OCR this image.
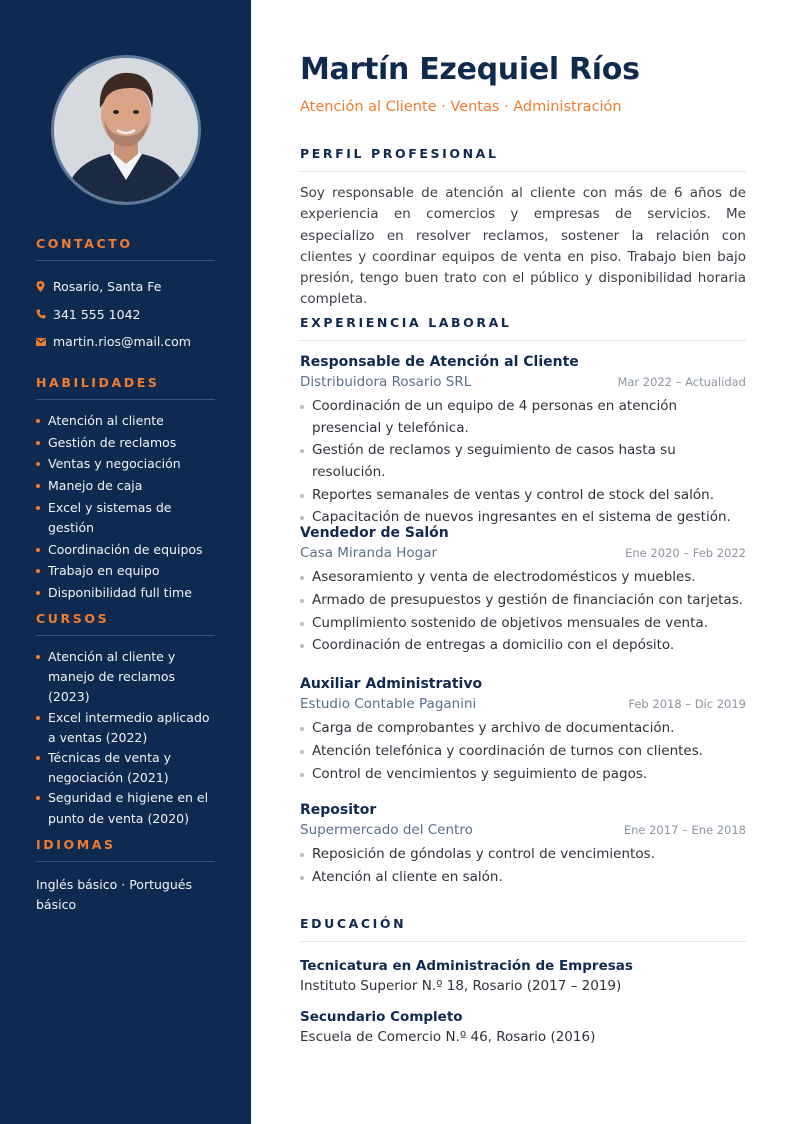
CONTACTO
Rosario, Santa Fe
341 555 1042
martin.rios@mail.com
HABILIDADES
Atención al cliente
Gestión de reclamos
Ventas y negociación
Manejo de caja
Excel y sistemas de gestión
Coordinación de equipos
Trabajo en equipo
Disponibilidad full time
CURSOS
Atención al cliente y manejo de reclamos (2023)
Excel intermedio aplicado a ventas (2022)
Técnicas de venta y negociación (2021)
Seguridad e higiene en el punto de venta (2020)
IDIOMAS
Inglés básico · Portugués básico
Martín Ezequiel Ríos
Atención al Cliente · Ventas · Administración
PERFIL PROFESIONAL
Soy responsable de atención al cliente con más de 6 años de experiencia en comercios y empresas de servicios. Me especializo en resolver reclamos, sostener la relación con clientes y coordinar equipos de venta en piso. Trabajo bien bajo presión, tengo buen trato con el público y disponibilidad horaria completa.
EXPERIENCIA LABORAL
Responsable de Atención al Cliente
Distribuidora Rosario SRL	Mar 2022 – Actualidad
Coordinación de un equipo de 4 personas en atención presencial y telefónica.
Gestión de reclamos y seguimiento de casos hasta su resolución.
Reportes semanales de ventas y control de stock del salón.
Capacitación de nuevos ingresantes en el sistema de gestión.
Vendedor de Salón
Casa Miranda Hogar	Ene 2020 – Feb 2022
Asesoramiento y venta de electrodomésticos y muebles.
Armado de presupuestos y gestión de financiación con tarjetas.
Cumplimiento sostenido de objetivos mensuales de venta.
Coordinación de entregas a domicilio con el depósito.
Auxiliar Administrativo
Estudio Contable Paganini	Feb 2018 – Dic 2019
Carga de comprobantes y archivo de documentación.
Atención telefónica y coordinación de turnos con clientes.
Control de vencimientos y seguimiento de pagos.
Repositor
Supermercado del Centro	Ene 2017 – Ene 2018
Reposición de góndolas y control de vencimientos.
Atención al cliente en salón.
EDUCACIÓN
Tecnicatura en Administración de Empresas
Instituto Superior N.º 18, Rosario (2017 – 2019)
Secundario Completo
Escuela de Comercio N.º 46, Rosario (2016)
